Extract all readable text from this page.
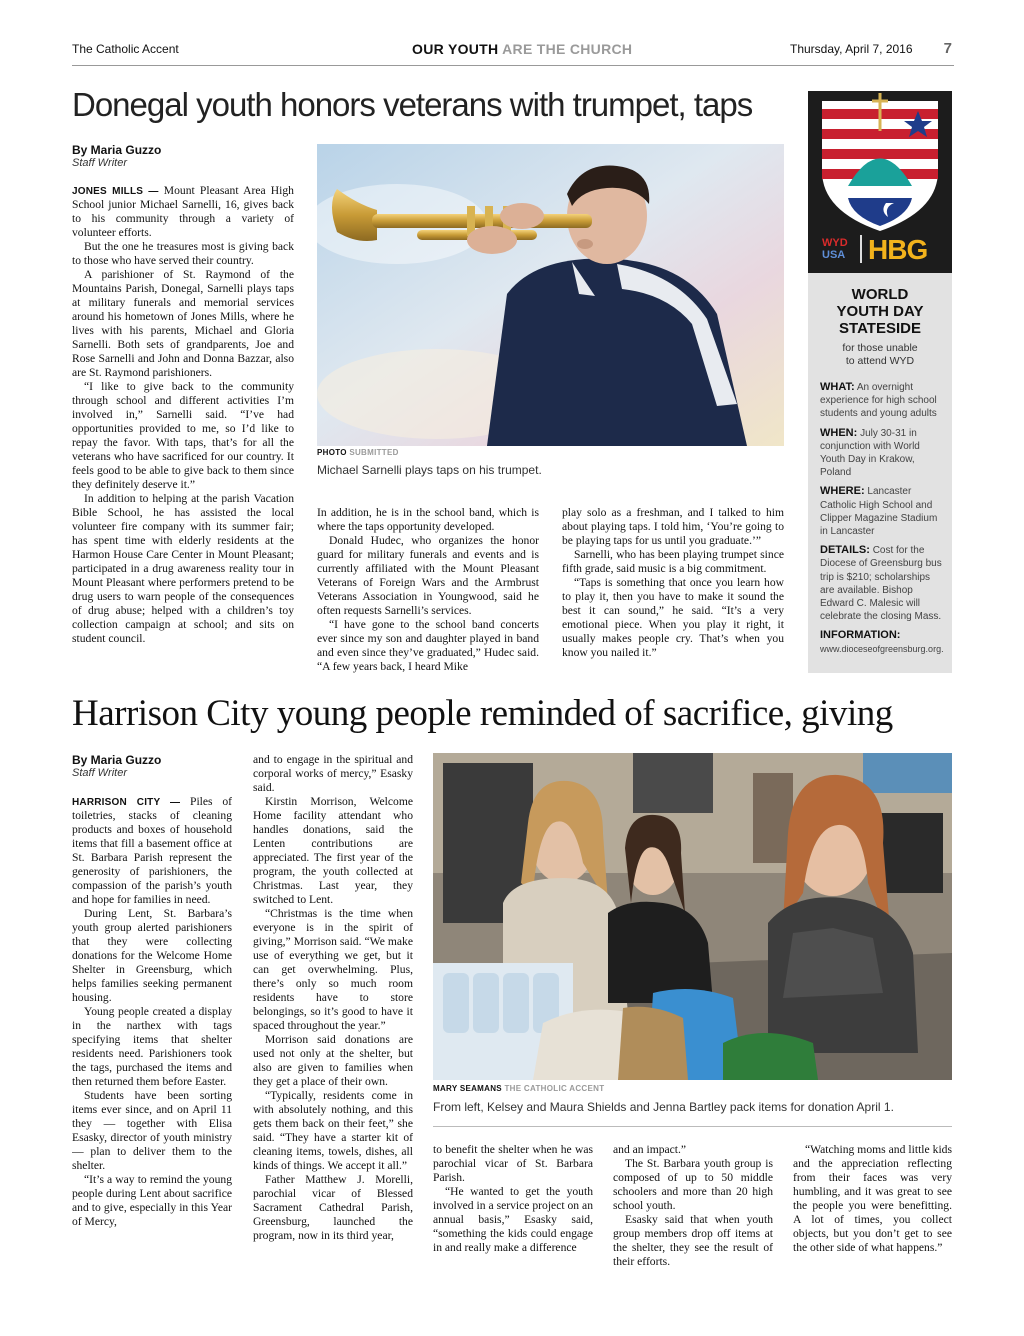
The Catholic Accent	OUR YOUTH ARE THE CHURCH	Thursday, April 7, 2016 7
Donegal youth honors veterans with trumpet, taps
By Maria Guzzo
Staff Writer

JONES MILLS — Mount Pleasant Area High School junior Michael Sarnelli, 16, gives back to his community through a variety of volunteer efforts.

But the one he treasures most is giving back to those who have served their country.

A parishioner of St. Raymond of the Mountains Parish, Donegal, Sarnelli plays taps at military funerals and memorial services around his hometown of Jones Mills, where he lives with his parents, Michael and Gloria Sarnelli. Both sets of grandparents, Joe and Rose Sarnelli and John and Donna Bazzar, also are St. Raymond parishioners.

“I like to give back to the community through school and different activities I’m involved in,” Sarnelli said. “I’ve had opportunities provided to me, so I’d like to repay the favor. With taps, that’s for all the veterans who have sacrificed for our country. It feels good to be able to give back to them since they definitely deserve it.”

In addition to helping at the parish Vacation Bible School, he has assisted the local volunteer fire company with its summer fair; has spent time with elderly residents at the Harmon House Care Center in Mount Pleasant; participated in a drug awareness reality tour in Mount Pleasant where performers pretend to be drug users to warn people of the consequences of drug abuse; helped with a children’s toy collection campaign at school; and sits on student council.

PHOTO SUBMITTED
Michael Sarnelli plays taps on his trumpet.

In addition, he is in the school band, which is where the taps opportunity developed.

Donald Hudec, who organizes the honor guard for military funerals and events and is currently affiliated with the Mount Pleasant Veterans of Foreign Wars and the Armbrust Veterans Association in Youngwood, said he often requests Sarnelli’s services.

“I have gone to the school band concerts ever since my son and daughter played in band and even since they’ve graduated,” Hudec said. “A few years back, I heard Mike

play solo as a freshman, and I talked to him about playing taps. I told him, ‘You’re going to be playing taps for us until you graduate.’”

Sarnelli, who has been playing trumpet since fifth grade, said music is a big commitment.

“Taps is something that once you learn how to play it, then you have to make it sound the best it can sound,” he said. “It’s a very emotional piece. When you play it right, it usually makes people cry. That’s when you know you nailed it.”

WYD
USA HBG
WORLD
YOUTH DAY
STATESIDE
for those unable
to attend WYD

WHAT: An overnight experience for high school students and young adults

WHEN: July 30-31 in conjunction with World Youth Day in Krakow, Poland

WHERE: Lancaster Catholic High School and Clipper Magazine Stadium in Lancaster

DETAILS: Cost for the Diocese of Greensburg bus trip is $210; scholarships are available. Bishop Edward C. Malesic will celebrate the closing Mass.

INFORMATION:
www.dioceseofgreensburg.org.

Harrison City young people reminded of sacrifice, giving
By Maria Guzzo
Staff Writer

HARRISON CITY — Piles of toiletries, stacks of cleaning products and boxes of household items that fill a basement office at St. Barbara Parish represent the generosity of parishioners, the compassion of the parish’s youth and hope for families in need.

During Lent, St. Barbara’s youth group alerted parishioners that they were collecting donations for the Welcome Home Shelter in Greensburg, which helps families seeking permanent housing.

Young people created a display in the narthex with tags specifying items that shelter residents need. Parishioners took the tags, purchased the items and then returned them before Easter.

Students have been sorting items ever since, and on April 11 they — together with Elisa Esasky, director of youth ministry — plan to deliver them to the shelter.

“It’s a way to remind the young people during Lent about sacrifice and to give, especially in this Year of Mercy,

and to engage in the spiritual and corporal works of mercy,” Esasky said.

Kirstin Morrison, Welcome Home facility attendant who handles donations, said the Lenten contributions are appreciated. The first year of the program, the youth collected at Christmas. Last year, they switched to Lent.

“Christmas is the time when everyone is in the spirit of giving,” Morrison said. “We make use of everything we get, but it can get overwhelming. Plus, there’s only so much room residents have to store belongings, so it’s good to have it spaced throughout the year.”

Morrison said donations are used not only at the shelter, but also are given to families when they get a place of their own.

“Typically, residents come in with absolutely nothing, and this gets them back on their feet,” she said. “They have a starter kit of cleaning items, towels, dishes, all kinds of things. We accept it all.”

Father Matthew J. Morelli, parochial vicar of Blessed Sacrament Cathedral Parish, Greensburg, launched the program, now in its third year,

MARY SEAMANS THE CATHOLIC ACCENT
From left, Kelsey and Maura Shields and Jenna Bartley pack items for donation April 1.

to benefit the shelter when he was parochial vicar of St. Barbara Parish.

“He wanted to get the youth involved in a service project on an annual basis,” Esasky said, “something the kids could engage in and really make a difference

and an impact.”

The St. Barbara youth group is composed of up to 50 middle schoolers and more than 20 high school youth.

Esasky said that when youth group members drop off items at the shelter, they see the result of their efforts.

“Watching moms and little kids and the appreciation reflecting from their faces was very humbling, and it was great to see the people you were benefitting. A lot of times, you collect objects, but you don’t get to see the other side of what happens.”
